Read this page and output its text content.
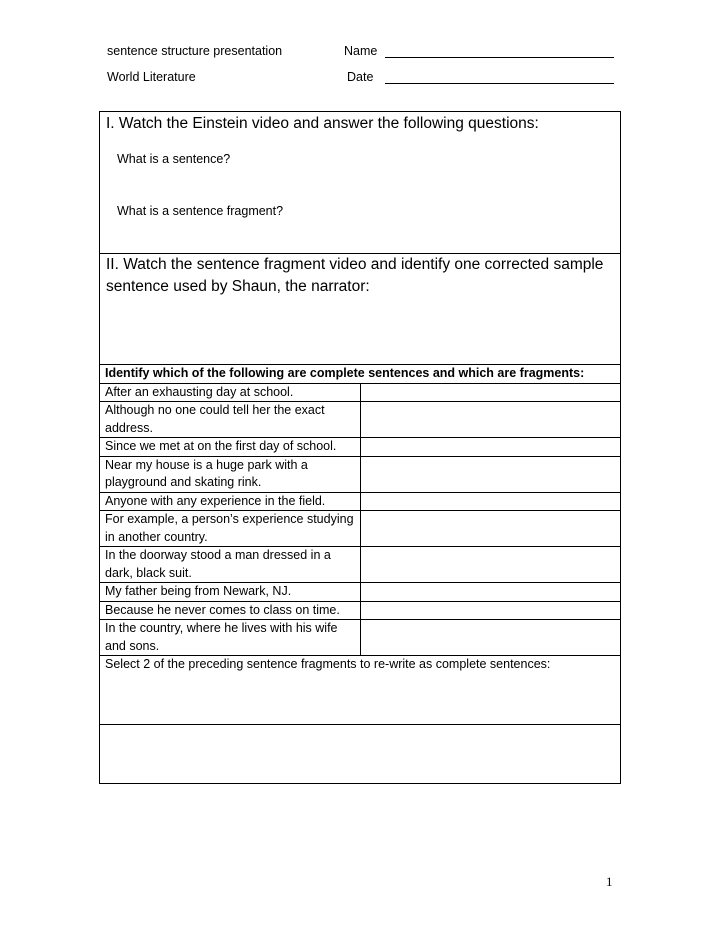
sentence structure presentation	Name
World Literature	Date
I. Watch the Einstein video and answer the following questions:
What is a sentence?
What is a sentence fragment?
II. Watch the sentence fragment video and identify one corrected sample sentence used by Shaun, the narrator:
Identify which of the following are complete sentences and which are fragments:	
After an exhausting day at school.	
Although no one could tell her the exact address.	
Since we met at on the first day of school.	
Near my house is a huge park with a playground and skating rink.	
Anyone with any experience in the field.	
For example, a person’s experience studying in another country.	
In the doorway stood a man dressed in a dark, black suit.	
My father being from Newark, NJ.	
Because he never comes to class on time.	
In the country, where he lives with his wife and sons.	
Select 2 of the preceding sentence fragments to re-write as complete sentences:	

1
